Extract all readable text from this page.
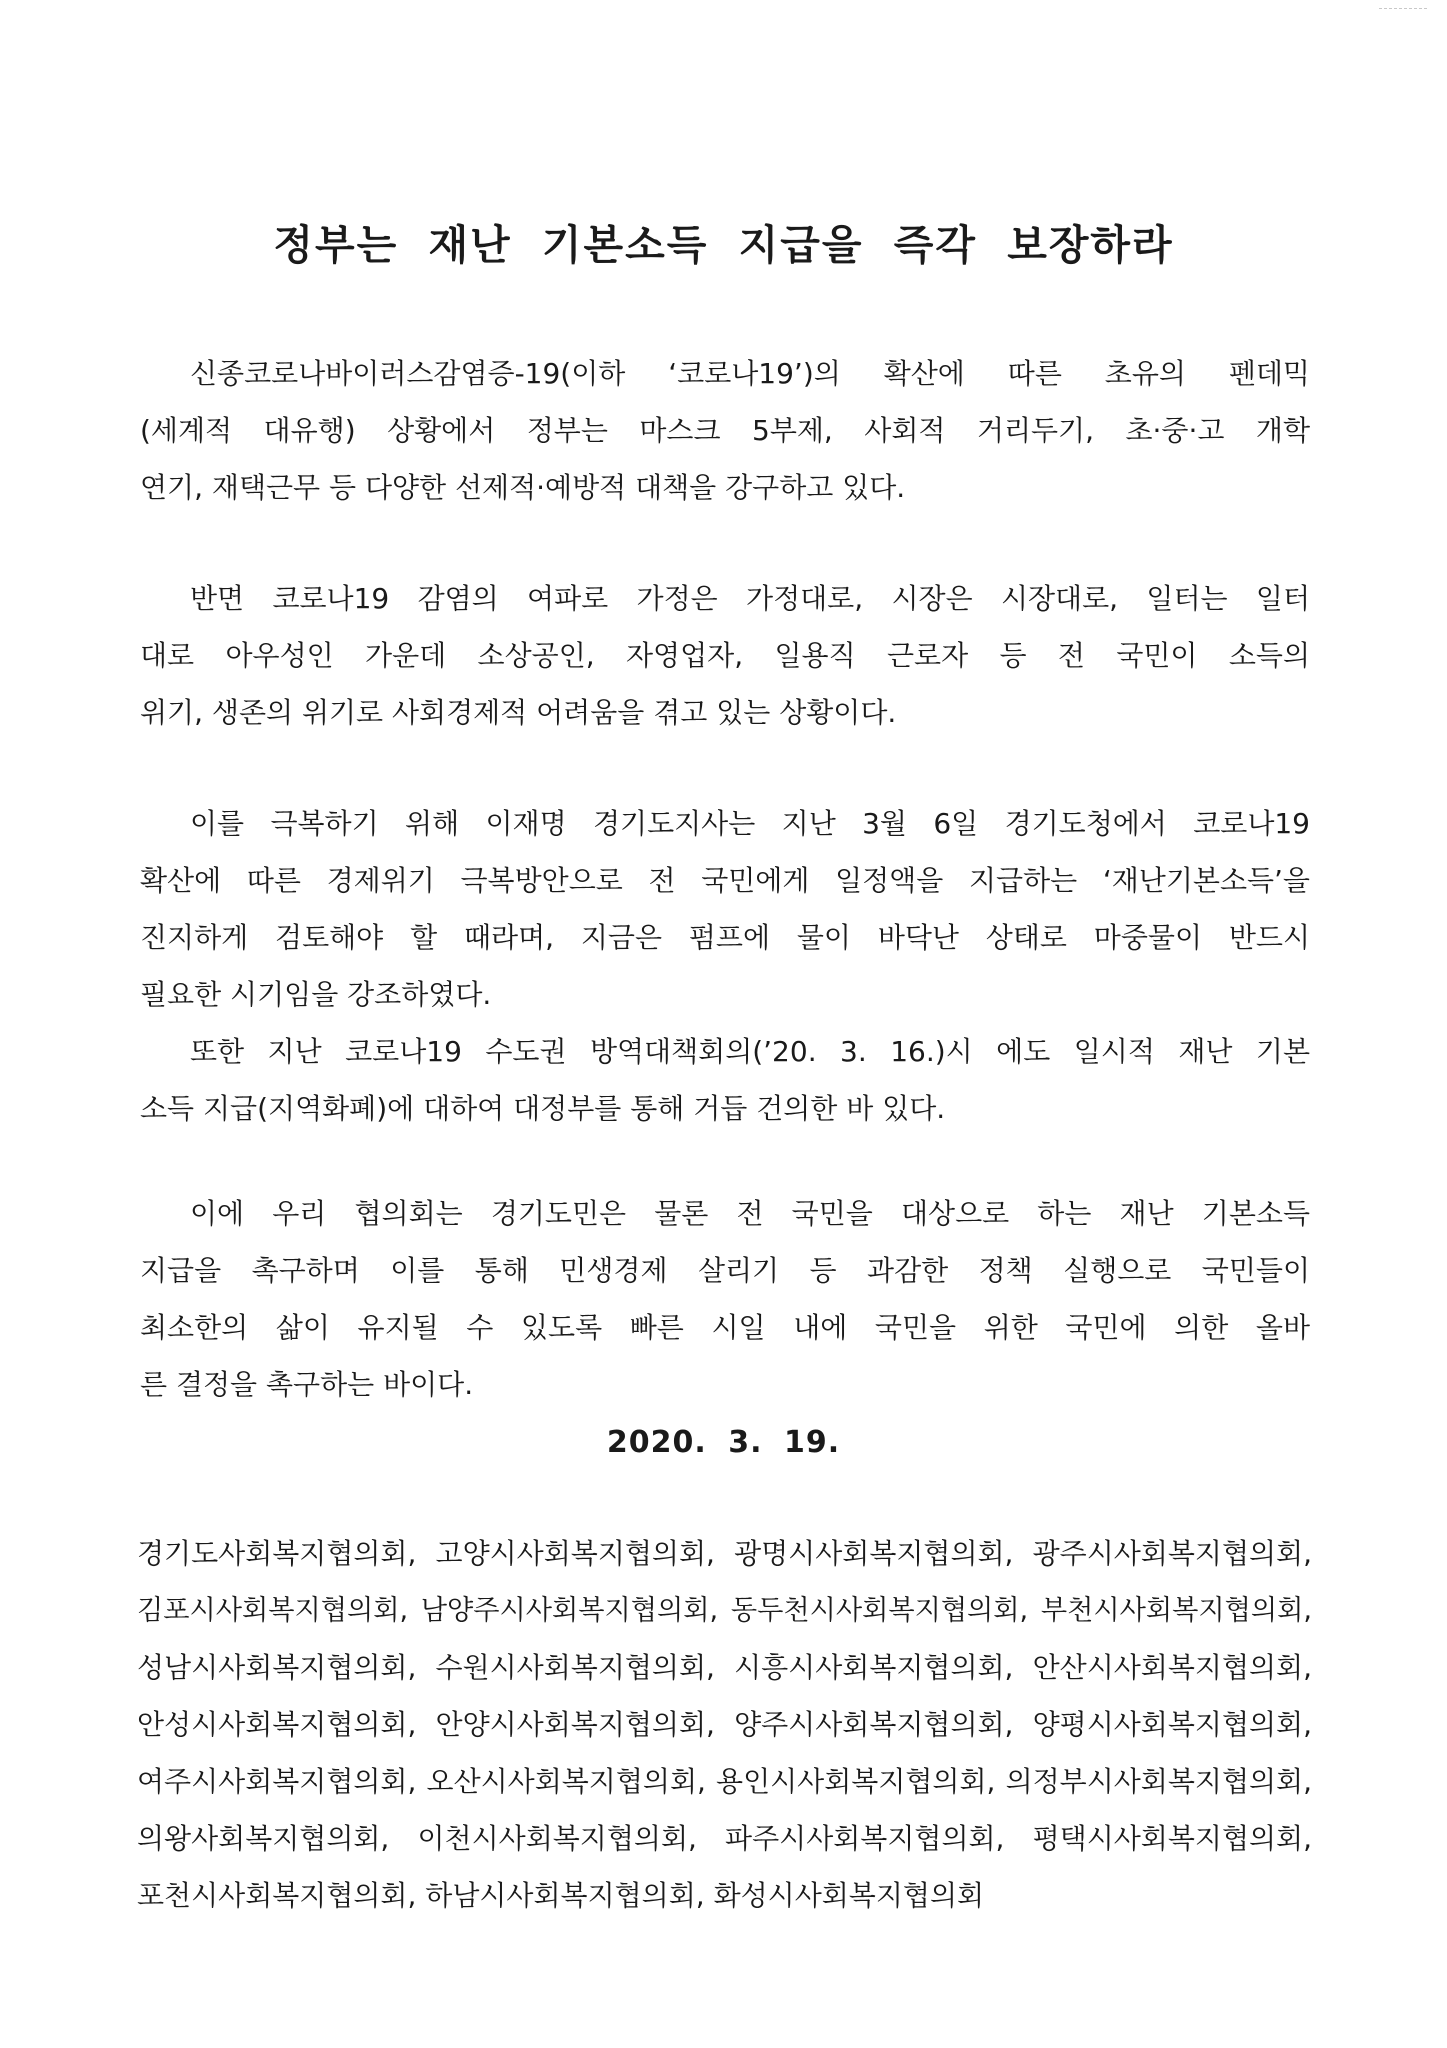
정부는 재난 기본소득 지급을 즉각 보장하라

신종코로나바이러스감염증-19(이하 ‘코로나19’)의 확산에 따른 초유의 펜데믹
(세계적 대유행) 상황에서 정부는 마스크 5부제, 사회적 거리두기, 초·중·고 개학
연기, 재택근무 등 다양한 선제적·예방적 대책을 강구하고 있다.

반면 코로나19 감염의 여파로 가정은 가정대로, 시장은 시장대로, 일터는 일터
대로 아우성인 가운데 소상공인, 자영업자, 일용직 근로자 등 전 국민이 소득의
위기, 생존의 위기로 사회경제적 어려움을 겪고 있는 상황이다.

이를 극복하기 위해 이재명 경기도지사는 지난 3월 6일 경기도청에서 코로나19
확산에 따른 경제위기 극복방안으로 전 국민에게 일정액을 지급하는 ‘재난기본소득’을
진지하게 검토해야 할 때라며, 지금은 펌프에 물이 바닥난 상태로 마중물이 반드시
필요한 시기임을 강조하였다.
또한 지난 코로나19 수도권 방역대책회의(’20. 3. 16.)시 에도 일시적 재난 기본
소득 지급(지역화폐)에 대하여 대정부를 통해 거듭 건의한 바 있다.

이에 우리 협의회는 경기도민은 물론 전 국민을 대상으로 하는 재난 기본소득
지급을 촉구하며 이를 통해 민생경제 살리기 등 과감한 정책 실행으로 국민들이
최소한의 삶이 유지될 수 있도록 빠른 시일 내에 국민을 위한 국민에 의한 올바
른 결정을 촉구하는 바이다.

2020. 3. 19.

경기도사회복지협의회, 고양시사회복지협의회, 광명시사회복지협의회, 광주시사회복지협의회,
김포시사회복지협의회, 남양주시사회복지협의회, 동두천시사회복지협의회, 부천시사회복지협의회,
성남시사회복지협의회, 수원시사회복지협의회, 시흥시사회복지협의회, 안산시사회복지협의회,
안성시사회복지협의회, 안양시사회복지협의회, 양주시사회복지협의회, 양평시사회복지협의회,
여주시사회복지협의회, 오산시사회복지협의회, 용인시사회복지협의회, 의정부시사회복지협의회,
의왕사회복지협의회, 이천시사회복지협의회, 파주시사회복지협의회, 평택시사회복지협의회,
포천시사회복지협의회, 하남시사회복지협의회, 화성시사회복지협의회
